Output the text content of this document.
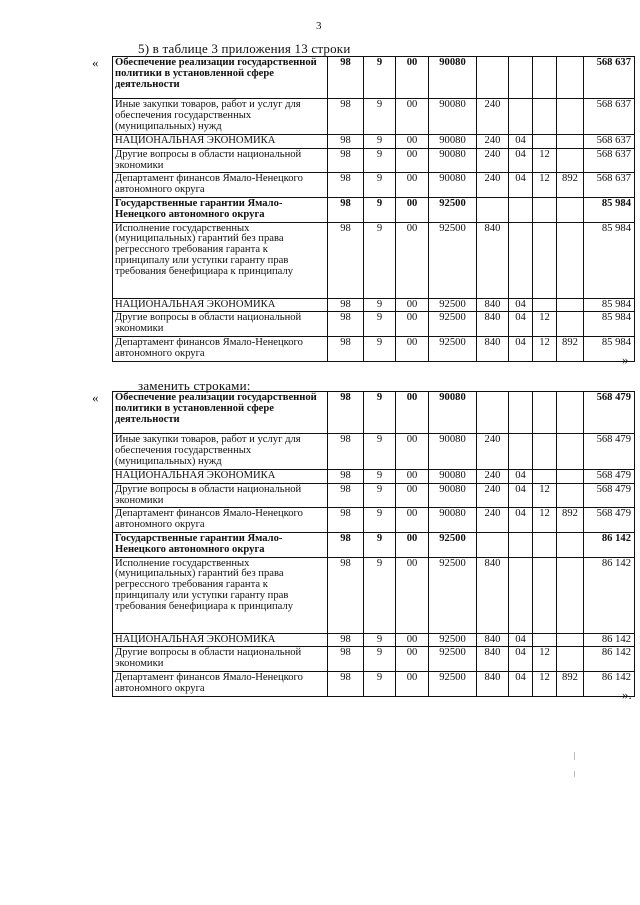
3
5) в таблице 3 приложения 13 строки
« Обеспечение реализации государственной политики в установленной сфере деятельности	98	9	00	90080					568 637
Иные закупки товаров, работ и услуг для обеспечения государственных (муниципальных) нужд	98	9	00	90080	240				568 637
НАЦИОНАЛЬНАЯ ЭКОНОМИКА	98	9	00	90080	240	04			568 637
Другие вопросы в области национальной экономики	98	9	00	90080	240	04	12		568 637
Департамент финансов Ямало-Ненецкого автономного округа	98	9	00	90080	240	04	12	892	568 637
Государственные гарантии Ямало-Ненецкого автономного округа	98	9	00	92500					85 984
Исполнение государственных (муниципальных) гарантий без права регрессного требования гаранта к принципалу или уступки гаранту прав требования бенефициара к принципалу	98	9	00	92500	840				85 984
НАЦИОНАЛЬНАЯ ЭКОНОМИКА	98	9	00	92500	840	04			85 984
Другие вопросы в области национальной экономики	98	9	00	92500	840	04	12		85 984
Департамент финансов Ямало-Ненецкого автономного округа	98	9	00	92500	840	04	12	892	85 984
»
заменить строками:
« Обеспечение реализации государственной политики в установленной сфере деятельности	98	9	00	90080					568 479
Иные закупки товаров, работ и услуг для обеспечения государственных (муниципальных) нужд	98	9	00	90080	240				568 479
НАЦИОНАЛЬНАЯ ЭКОНОМИКА	98	9	00	90080	240	04			568 479
Другие вопросы в области национальной экономики	98	9	00	90080	240	04	12		568 479
Департамент финансов Ямало-Ненецкого автономного округа	98	9	00	90080	240	04	12	892	568 479
Государственные гарантии Ямало-Ненецкого автономного округа	98	9	00	92500					86 142
Исполнение государственных (муниципальных) гарантий без права регрессного требования гаранта к принципалу или уступки гаранту прав требования бенефициара к принципалу	98	9	00	92500	840				86 142
НАЦИОНАЛЬНАЯ ЭКОНОМИКА	98	9	00	92500	840	04			86 142
Другие вопросы в области национальной экономики	98	9	00	92500	840	04	12		86 142
Департамент финансов Ямало-Ненецкого автономного округа	98	9	00	92500	840	04	12	892	86 142
».
